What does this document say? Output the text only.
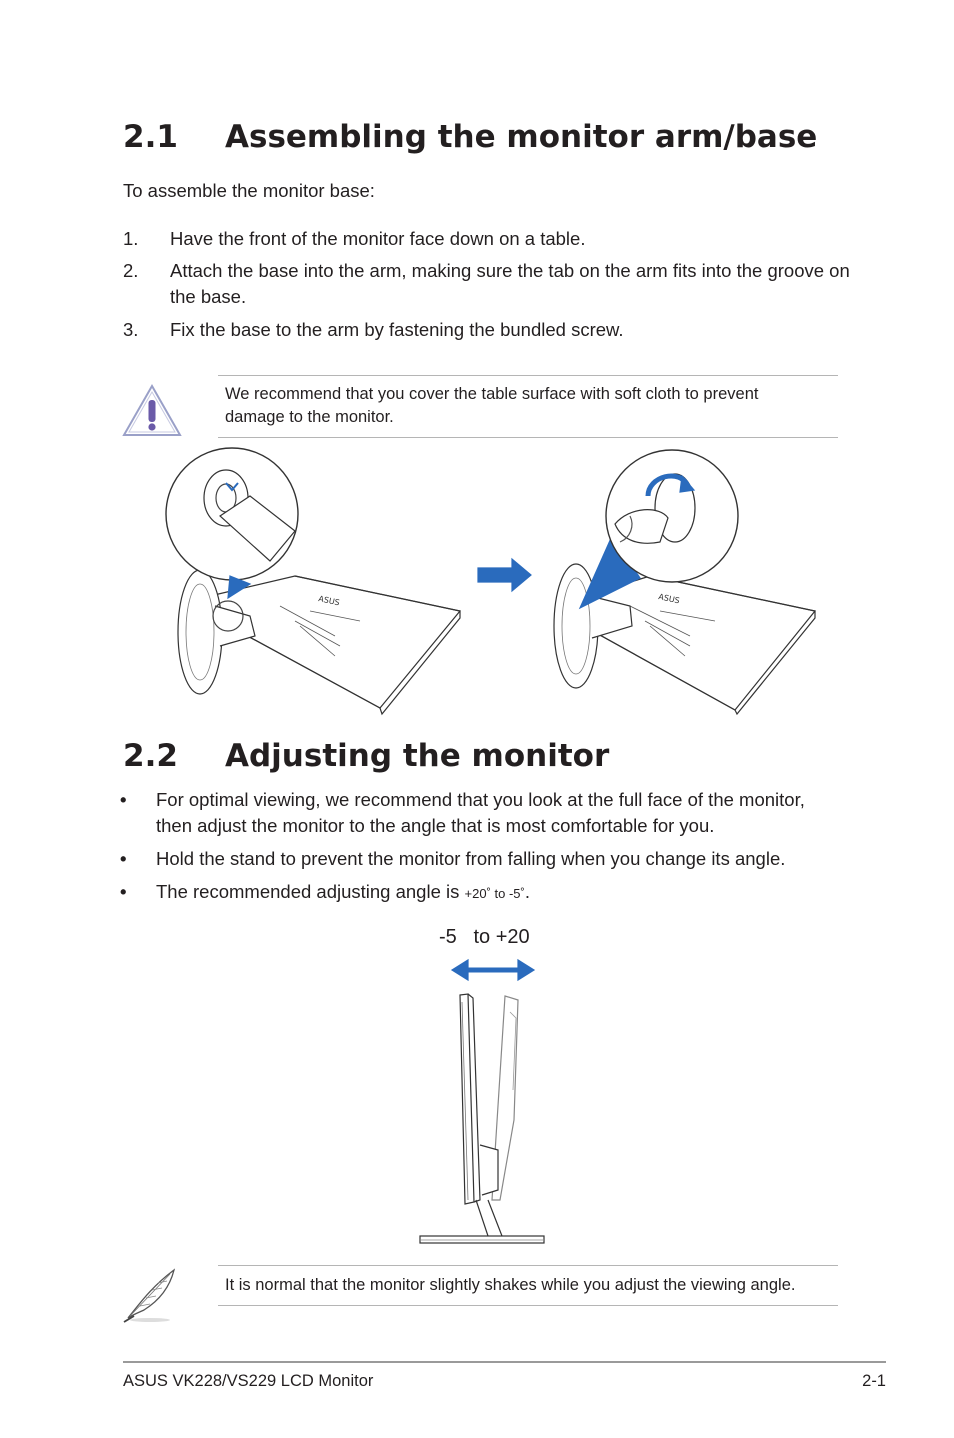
2.1 Assembling the monitor arm/base
To assemble the monitor base:
1. Have the front of the monitor face down on a table.
2. Attach the base into the arm, making sure the tab on the arm fits into the groove on the base.
3. Fix the base to the arm by fastening the bundled screw.
We recommend that you cover the table surface with soft cloth to prevent damage to the monitor.
ASUS	ASUS
2.2 Adjusting the monitor
• For optimal viewing, we recommend that you look at the full face of the monitor, then adjust the monitor to the angle that is most comfortable for you.
• Hold the stand to prevent the monitor from falling when you change its angle.
• The recommended adjusting angle is +20˚ to -5˚.
-5   to +20
It is normal that the monitor slightly shakes while you adjust the viewing angle.
ASUS VK228/VS229 LCD Monitor	2-1
